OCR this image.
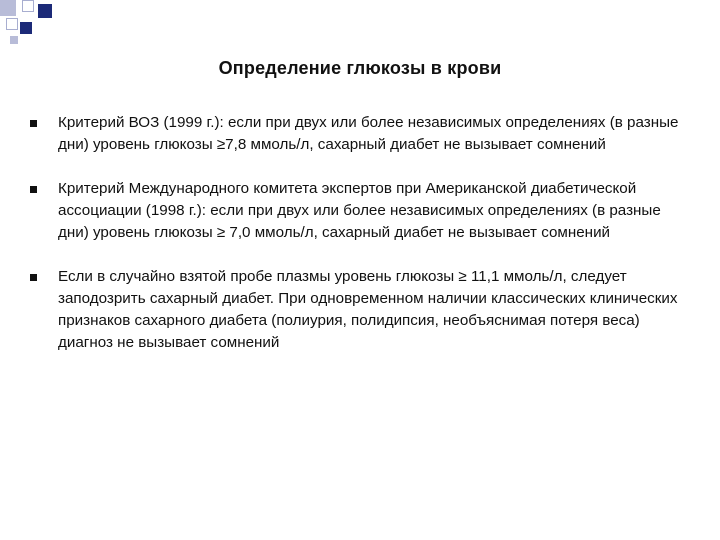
Определение глюкозы в крови
Критерий ВОЗ (1999 г.): если при двух или более независимых определениях (в разные дни) уровень глюкозы ≥7,8 ммоль/л, сахарный диабет не вызывает сомнений
Критерий Международного комитета экспертов при Американской диабетической ассоциации (1998 г.): если при двух или более независимых определениях (в разные дни) уровень глюкозы ≥ 7,0 ммоль/л, сахарный диабет не вызывает сомнений
Если в случайно взятой пробе плазмы уровень глюкозы ≥ 11,1 ммоль/л, следует заподозрить сахарный диабет. При одновременном наличии классических клинических признаков сахарного диабета (полиурия, полидипсия, необъяснимая потеря веса) диагноз не вызывает сомнений
